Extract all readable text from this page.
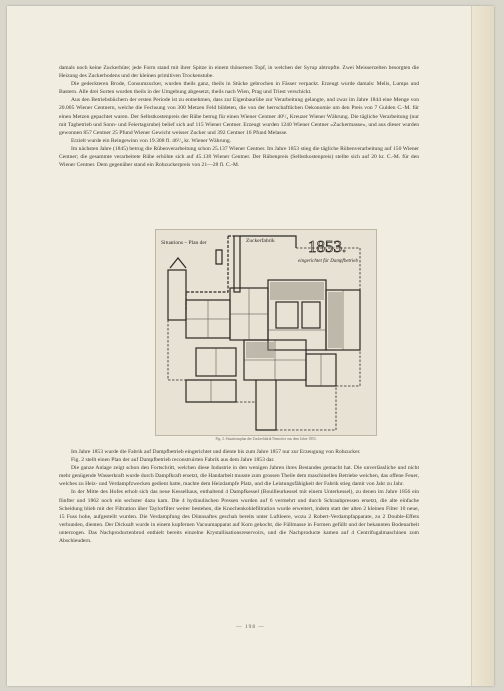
damals noch keine Zuckerhüte; jede Form stand mit ihrer Spitze in einem thönernen Topf, in welchen der Syrup abtropfte. Zwei Meisserzelten besorgten die Heizung des Zuckerbodens und der kleinen primitiven Trockenstube.

Die gedeckteren Brode, Consumzucker, wurden theils ganz, theils in Stücke gebrochen in Fässer verpackt. Erzeugt wurde damals: Melis, Lumps und Bastern. Alle drei Sorten wurden theils in der Umgebung abgesetzt, theils nach Wien, Prag und Triest verschickt.

Aus den Betriebsbüchern der ersten Periode ist zu entnehmen, dass zur Eigenbaurübe zur Verarbeitung gelangte, und zwar im Jahre 1844 eine Menge von 20.005 Wiener Centnern, welche die Fechsung von 300 Metzen Feld bildeten, die von der herrschaftlichen Oekonomie um den Preis von 7 Gulden C.-M. für einen Metzen gepachtet waren. Der Selbstkostenpreis der Rübe betrug für einen Wiener Centner 40¹/₄ Kreuzer Wiener Währung. Die tägliche Verarbeitung (nur mit Tagbetrieb und Sonn- und Feiertagsruhe) belief sich auf 115 Wiener Centner. Erzeugt wurden 1240 Wiener Centner »Zuckermasse«, und aus dieser wurden gewonnen 857 Centner 25 Pfund Wiener Gewicht weisser Zucker und 392 Centner 16 Pfund Melasse.

Erzielt wurde ein Reingewinn von 19.308 fl. 46¹/₄ kr. Wiener Währung.

Im nächsten Jahre (1845) betrug die Rübenverarbeitung schon 25.137 Wiener Centner. Im Jahre 1853 stieg die tägliche Rübenverarbeitung auf 150 Wiener Centner; die gesammte verarbeitete Rübe erhöhte sich auf 45.138 Wiener Centner. Der Rübenpreis (Selbstkostenpreis) stellte sich auf 20 kr. C.-M. für den Wiener Centner. Dem gegenüber stand ein Rohzuckerpreis von 21—28 fl. C.-M.

Situations – Plan der	Zuckerfabrik 1853.
eingerichtet für Dampfbetrieb
Fig. 2. Situationsplan der Zuckerfabrik Nemotice aus dem Jahre 1853.

Im Jahre 1853 wurde die Fabrik auf Dampfbetrieb eingerichtet und diente bis zum Jahre 1857 nur zur Erzeugung von Rohzucker.

Fig. 2 stellt einen Plan der auf Dampfbetrieb reconstruirten Fabrik aus dem Jahre 1853 dar.

Die ganze Anlage zeigt schon den Fortschritt, welchen diese Industrie in den wenigen Jahren ihres Bestandes gemacht hat. Die unverlässliche und nicht mehr genügende Wasserkraft wurde durch Dampfkraft ersetzt, die Handarbeit musste zum grossen Theile dem maschinellen Betriebe weichen, das offene Feuer, welches zu Heiz- und Verdampfzwecken gedient hatte, machte dem Heizdampfe Platz, und die Leistungsfähigkeit der Fabrik stieg damit von Jahr zu Jahr.

In der Mitte des Hofes erhob sich das neue Kesselhaus, enthaltend 4 Dampfkessel (Bouilleurkessel mit einem Unterkessel), zu denen im Jahre 1856 ein fünfter und 1862 noch ein sechster dazu kam. Die 4 hydraulischen Pressen wurden auf 6 vermehrt und durch Schraubpressen ersetzt, die alte einfache Scheidung blieb mit der Filtration über Taylorfilter weiter bestehen, die Knochenkohlefiltration wurde erweitert, indem statt der alten 2 kleinen Filter 10 neue, 15 Fuss hohe, aufgestellt wurden. Die Verdampfung des Dünnsaftes geschah bereits unter Luftleere, wozu 2 Robert-Verdampfapparate, zu 2 Double-Effets verbunden, dienten. Der Dicksaft wurde in einem kupfernen Vacuumapparat auf Korn gekocht, die Füllmasse in Formen gefüllt und der bekannten Bodenarbeit unterzogen. Das Nachproductenbrod enthielt bereits einzelne Krystallisationsreservoirs, und die Nachproducte kamen auf 4 Centrifugalmaschinen zum Abschleudern.

— 198 —
